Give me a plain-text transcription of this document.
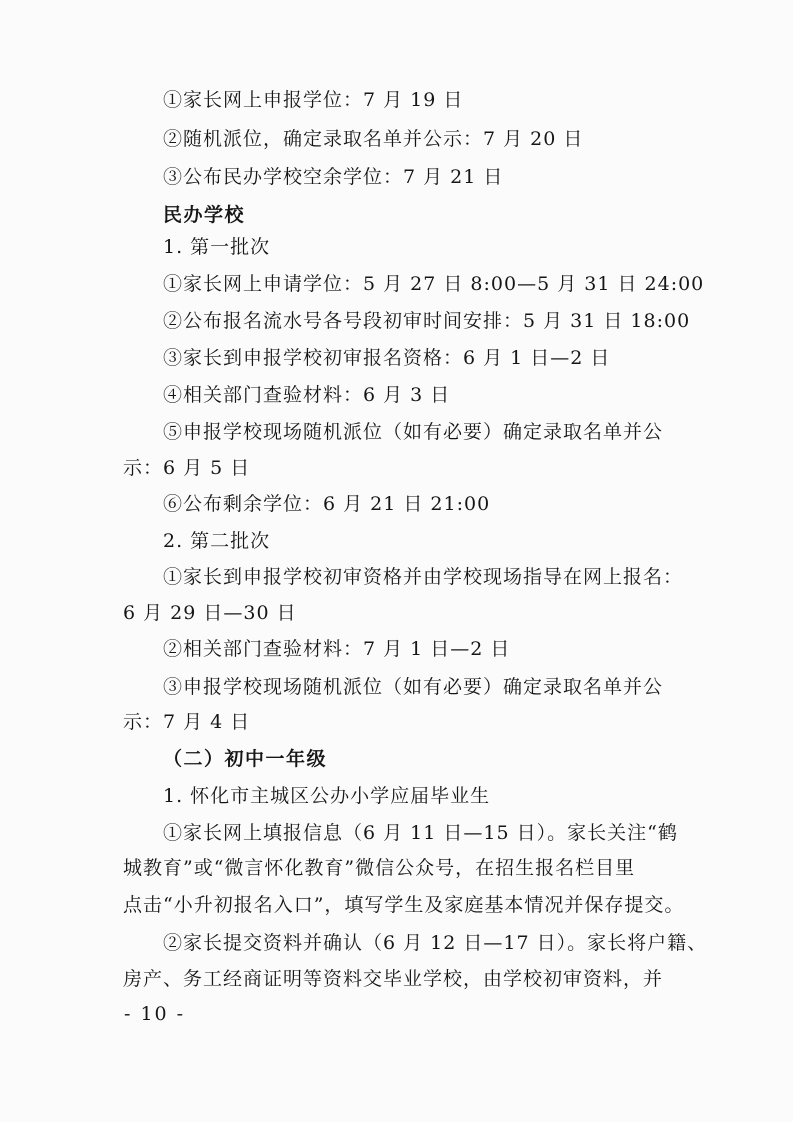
①家长网上申报学位：7 月 19 日
②随机派位，确定录取名单并公示：7 月 20 日
③公布民办学校空余学位：7 月 21 日
民办学校
1. 第一批次
①家长网上申请学位：5 月 27 日 8:00—5 月 31 日 24:00
②公布报名流水号各号段初审时间安排：5 月 31 日 18:00
③家长到申报学校初审报名资格：6 月 1 日—2 日
④相关部门查验材料：6 月 3 日
⑤申报学校现场随机派位（如有必要）确定录取名单并公
示：6 月 5 日
⑥公布剩余学位：6 月 21 日 21:00
2. 第二批次
①家长到申报学校初审资格并由学校现场指导在网上报名：
6 月 29 日—30 日
②相关部门查验材料：7 月 1 日—2 日
③申报学校现场随机派位（如有必要）确定录取名单并公
示：7 月 4 日
（二）初中一年级
1. 怀化市主城区公办小学应届毕业生
①家长网上填报信息（6 月 11 日—15 日）。家长关注“鹤
城教育”或“微言怀化教育”微信公众号，在招生报名栏目里
点击“小升初报名入口”，填写学生及家庭基本情况并保存提交。
②家长提交资料并确认（6 月 12 日—17 日）。家长将户籍、
房产、务工经商证明等资料交毕业学校，由学校初审资料，并
- 10 -
